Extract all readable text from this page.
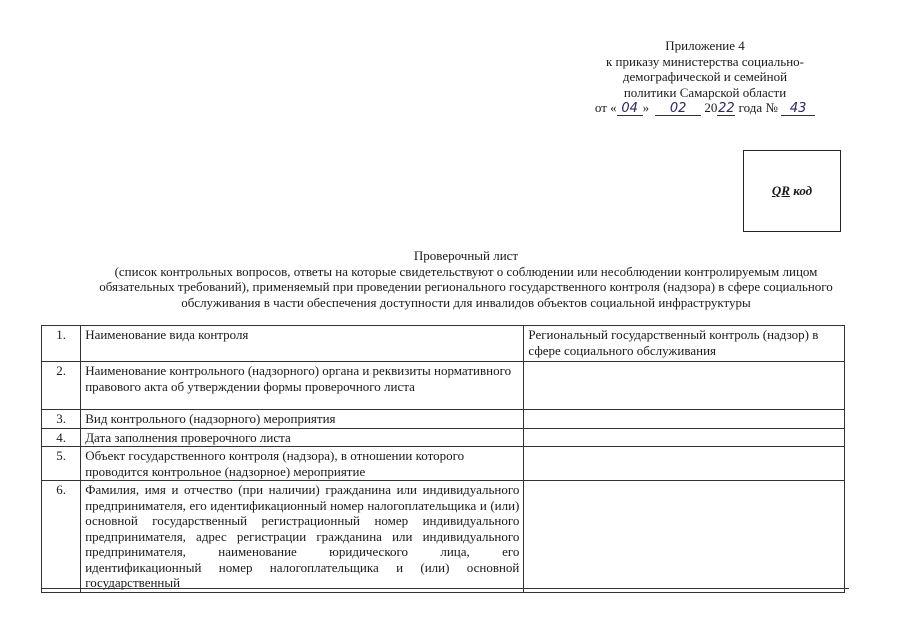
Приложение 4
к приказу министерства социально-
демографической и семейной
политики Самарской области
от « 04 » 02 2022 года № 43
QR код
Проверочный лист
(список контрольных вопросов, ответы на которые свидетельствуют о соблюдении или несоблюдении контролируемым лицом
обязательных требований), применяемый при проведении регионального государственного контроля (надзора) в сфере социального
обслуживания в части обеспечения доступности для инвалидов объектов социальной инфраструктуры
1.	Наименование вида контроля	Региональный государственный контроль (надзор) в сфере социального обслуживания
2.	Наименование контрольного (надзорного) органа и реквизиты нормативного правового акта об утверждении формы проверочного листа	
3.	Вид контрольного (надзорного) мероприятия	
4.	Дата заполнения проверочного листа	
5.	Объект государственного контроля (надзора), в отношении которого проводится контрольное (надзорное) мероприятие	
6.	Фамилия, имя и отчество (при наличии) гражданина или индивидуального предпринимателя, его идентификационный номер налогоплательщика и (или) основной государственный регистрационный номер индивидуального предпринимателя, адрес регистрации гражданина или индивидуального предпринимателя, наименование юридического лица, его идентификационный номер налогоплательщика и (или) основной государственный	
